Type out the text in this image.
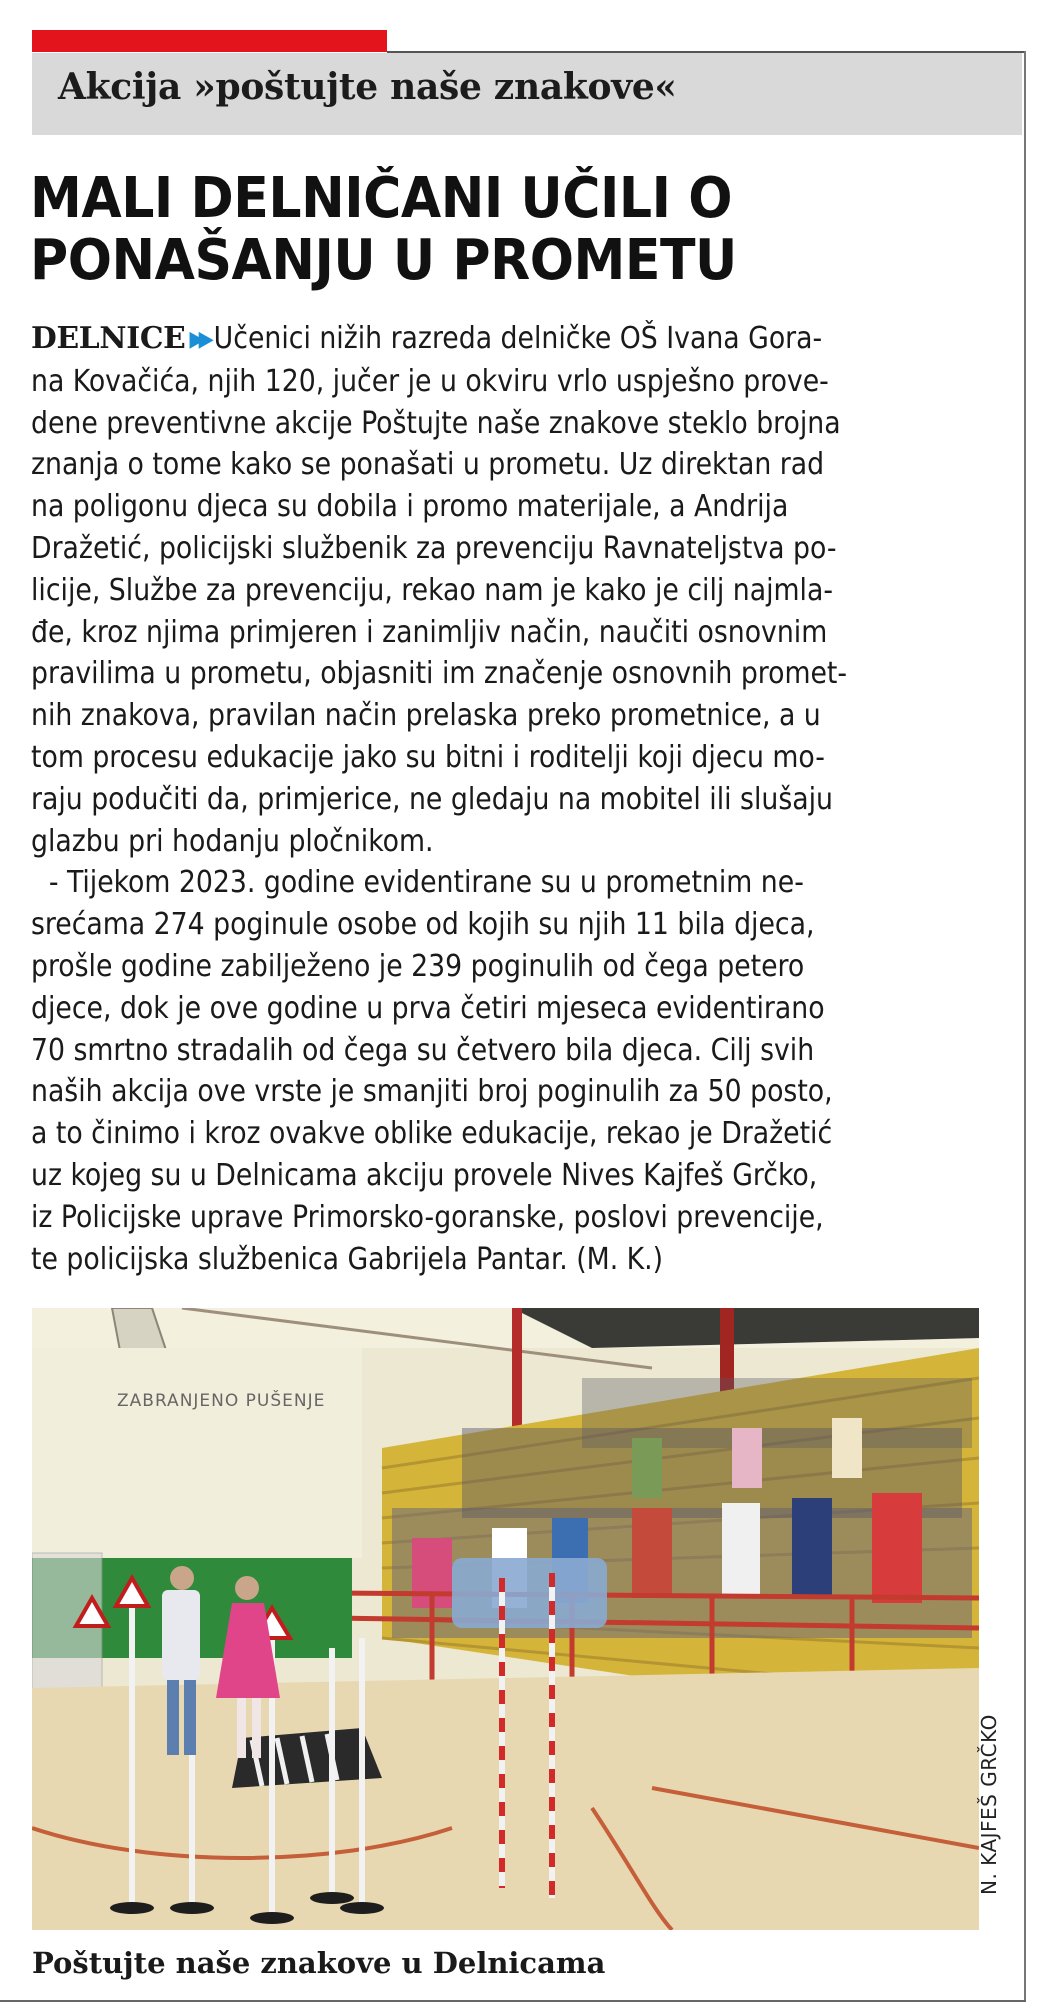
Akcija »poštujte naše znakove«
MALI DELNIČANI UČILI O
PONAŠANJU U PROMETU
DELNICE ▶▶ Učenici nižih razreda delničke OŠ Ivana Gora-
na Kovačića, njih 120, jučer je u okviru vrlo uspješno prove-
dene preventivne akcije Poštujte naše znakove steklo brojna
znanja o tome kako se ponašati u prometu. Uz direktan rad
na poligonu djeca su dobila i promo materijale, a Andrija
Dražetić, policijski službenik za prevenciju Ravnateljstva po-
licije, Službe za prevenciju, rekao nam je kako je cilj najmla-
đe, kroz njima primjeren i zanimljiv način, naučiti osnovnim
pravilima u prometu, objasniti im značenje osnovnih promet-
nih znakova, pravilan način prelaska preko prometnice, a u
tom procesu edukacije jako su bitni i roditelji koji djecu mo-
raju podučiti da, primjerice, ne gledaju na mobitel ili slušaju
glazbu pri hodanju pločnikom.
- Tijekom 2023. godine evidentirane su u prometnim ne-
srećama 274 poginule osobe od kojih su njih 11 bila djeca,
prošle godine zabilježeno je 239 poginulih od čega petero
djece, dok je ove godine u prva četiri mjeseca evidentirano
70 smrtno stradalih od čega su četvero bila djeca. Cilj svih
naših akcija ove vrste je smanjiti broj poginulih za 50 posto,
a to činimo i kroz ovakve oblike edukacije, rekao je Dražetić
uz kojeg su u Delnicama akciju provele Nives Kajfeš Grčko,
iz Policijske uprave Primorsko-goranske, poslovi prevencije,
te policijska službenica Gabrijela Pantar. (M. K.)
ZABRANJENO PUŠENJE
N. KAJFEŠ GRČKO
Poštujte naše znakove u Delnicama
